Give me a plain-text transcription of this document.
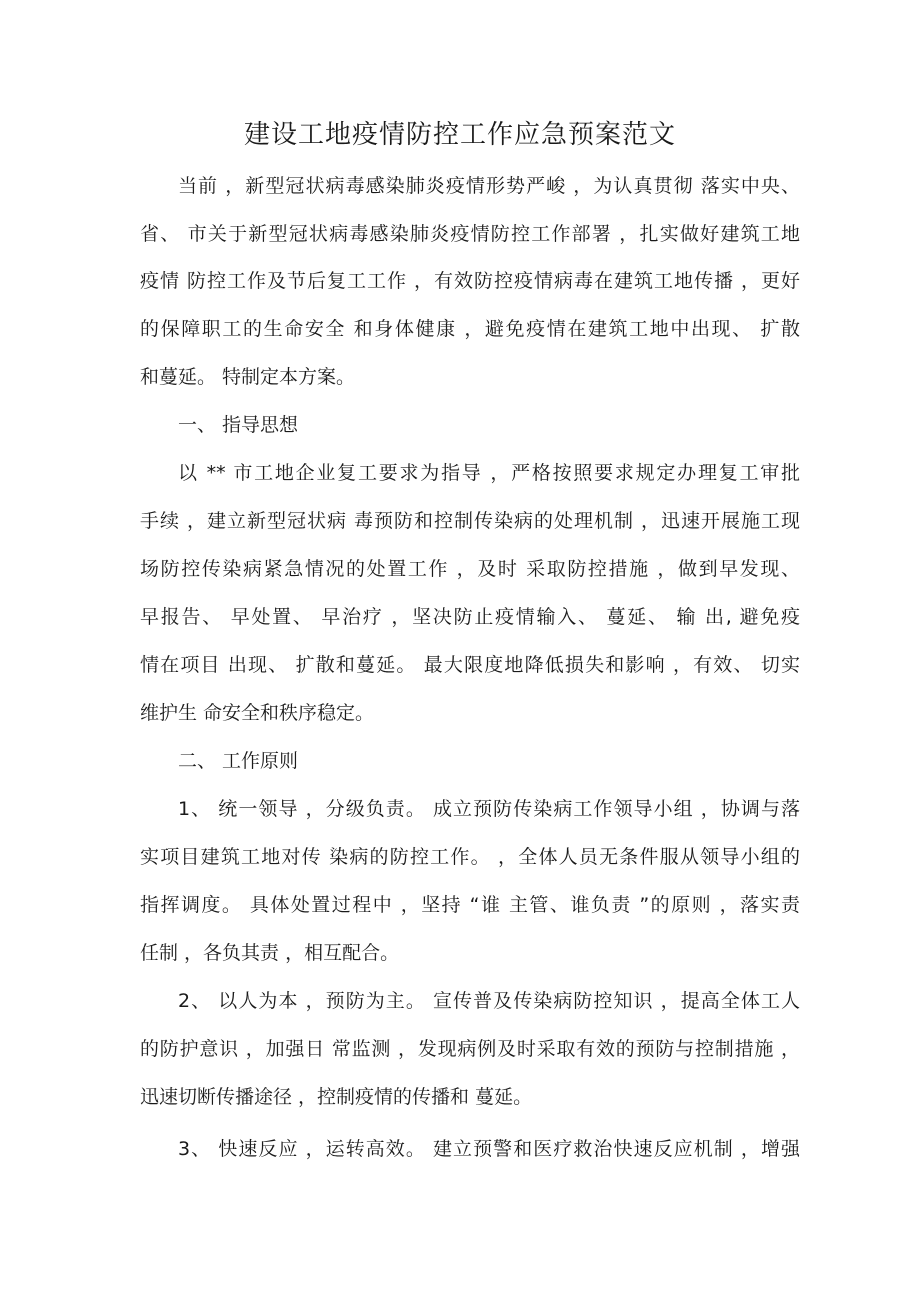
建设工地疫情防控工作应急预案范文
当前 ，新型冠状病毒感染肺炎疫情形势严峻 ，为认真贯彻 落实中央、
省、 市关于新型冠状病毒感染肺炎疫情防控工作部署 ，扎实做好建筑工地
疫情 防控工作及节后复工工作 ，有效防控疫情病毒在建筑工地传播 ，更好
的保障职工的生命安全 和身体健康 ，避免疫情在建筑工地中出现、 扩散
和蔓延。 特制定本方案。
一、 指导思想
以 ** 市工地企业复工要求为指导 ，严格按照要求规定办理复工审批
手续 ，建立新型冠状病 毒预防和控制传染病的处理机制 ，迅速开展施工现
场防控传染病紧急情况的处置工作 ，及时 采取防控措施 ，做到早发现、
早报告、 早处置、 早治疗 ，坚决防止疫情输入、 蔓延、 输 出, 避免疫
情在项目 出现、 扩散和蔓延。 最大限度地降低损失和影响 ，有效、 切实
维护生 命安全和秩序稳定。
二、 工作原则
1、 统一领导 ，分级负责。 成立预防传染病工作领导小组 ，协调与落
实项目建筑工地对传 染病的防控工作。 ，全体人员无条件服从领导小组的
指挥调度。 具体处置过程中 ，坚持 “谁 主管、谁负责 ”的原则 ，落实责
任制 ，各负其责 ，相互配合。
2、 以人为本 ，预防为主。 宣传普及传染病防控知识 ，提高全体工人
的防护意识 ，加强日 常监测 ，发现病例及时采取有效的预防与控制措施 ，
迅速切断传播途径 ，控制疫情的传播和 蔓延。
3、 快速反应 ，运转高效。 建立预警和医疗救治快速反应机制 ，增强
